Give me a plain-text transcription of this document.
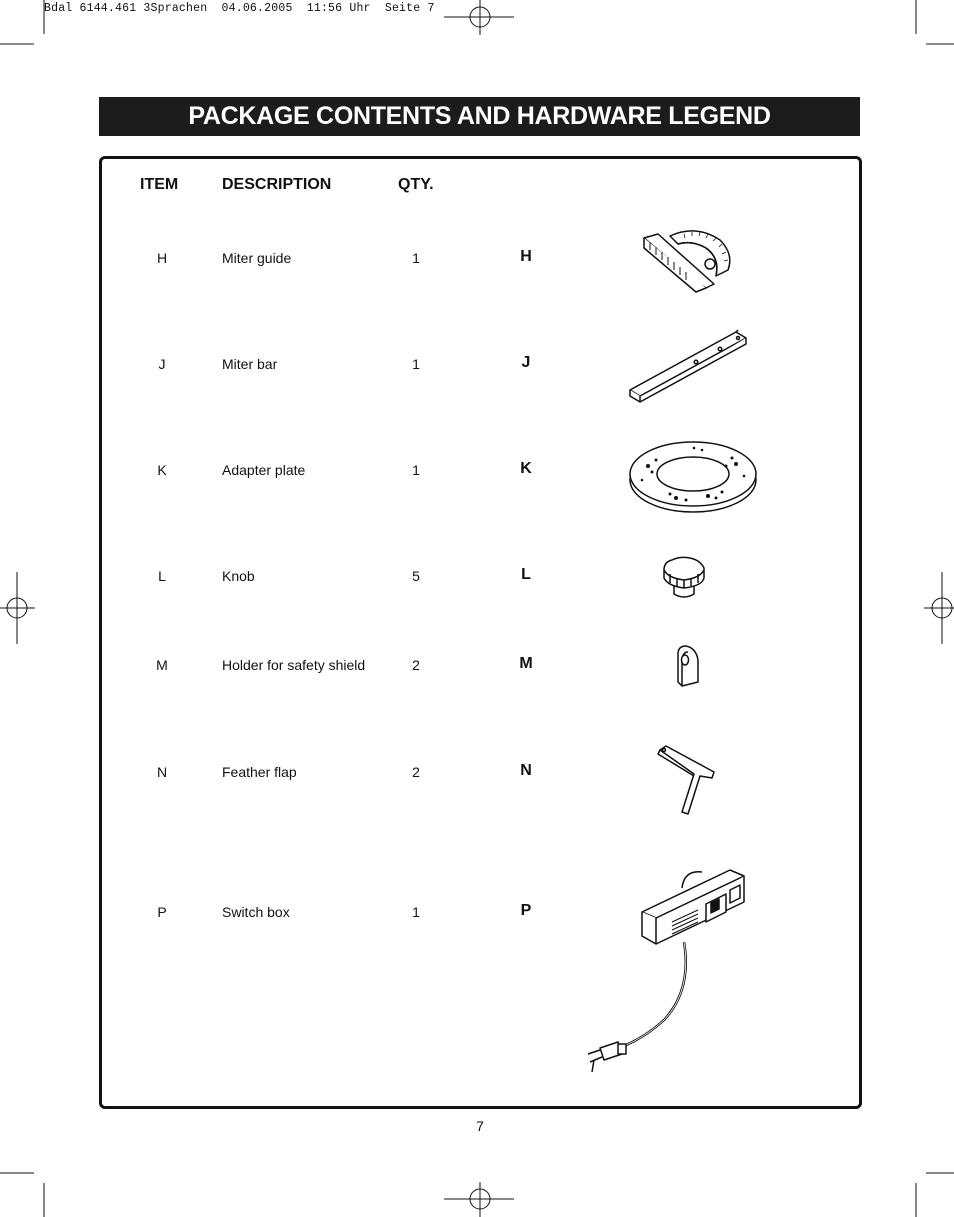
Bdal 6144.461 3Sprachen  04.06.2005  11:56 Uhr  Seite 7
PACKAGE CONTENTS AND HARDWARE LEGEND
ITEM	DESCRIPTION	QTY.
H	Miter guide	1	H
J	Miter bar	1	J
K	Adapter plate	1	K
L	Knob	5	L
M	Holder for safety shield	2	M
N	Feather flap	2	N
P	Switch box	1	P
7
